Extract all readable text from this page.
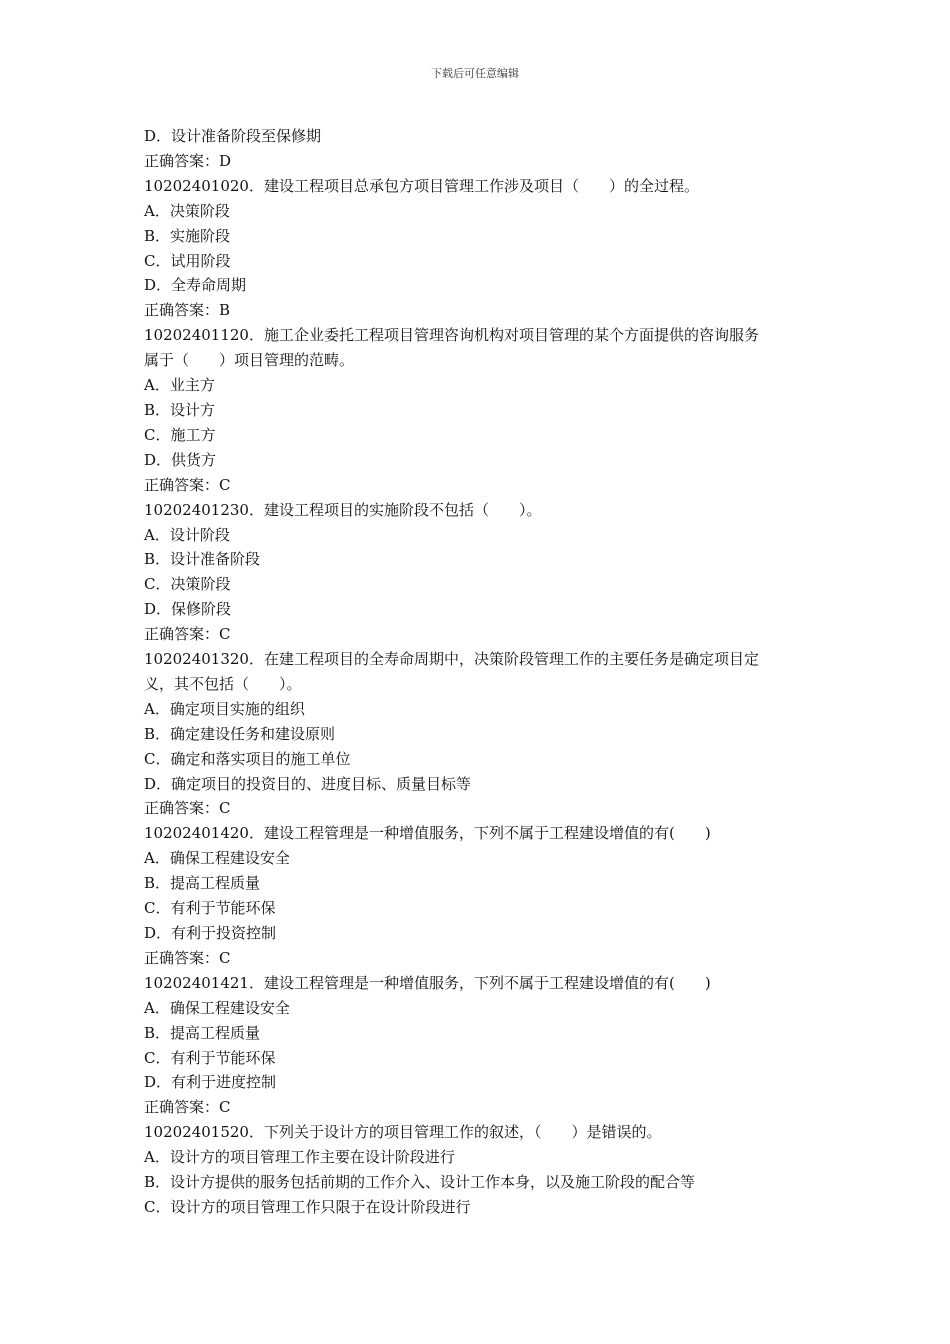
下载后可任意编辑

D．设计准备阶段至保修期

正确答案：D

10202401020．建设工程项目总承包方项目管理工作涉及项目（　　）的全过程。

A．决策阶段

B．实施阶段

C．试用阶段

D．全寿命周期

正确答案：B

10202401120．施工企业委托工程项目管理咨询机构对项目管理的某个方面提供的咨询服务

属于（　　）项目管理的范畴。

A．业主方

B．设计方

C．施工方

D．供货方

正确答案：C

10202401230．建设工程项目的实施阶段不包括（　　）。

A．设计阶段

B．设计准备阶段

C．决策阶段

D．保修阶段

正确答案：C

10202401320．在建工程项目的全寿命周期中，决策阶段管理工作的主要任务是确定项目定

义，其不包括（　　）。

A．确定项目实施的组织

B．确定建设任务和建设原则

C．确定和落实项目的施工单位

D．确定项目的投资目的、进度目标、质量目标等

正确答案：C

10202401420．建设工程管理是一种增值服务，下列不属于工程建设增值的有(　　)

A．确保工程建设安全

B．提高工程质量

C．有利于节能环保

D．有利于投资控制

正确答案：C

10202401421．建设工程管理是一种增值服务，下列不属于工程建设增值的有(　　)

A．确保工程建设安全

B．提高工程质量

C．有利于节能环保

D．有利于进度控制

正确答案：C

10202401520．下列关于设计方的项目管理工作的叙述，（　　）是错误的。

A．设计方的项目管理工作主要在设计阶段进行

B．设计方提供的服务包括前期的工作介入、设计工作本身，以及施工阶段的配合等

C．设计方的项目管理工作只限于在设计阶段进行
